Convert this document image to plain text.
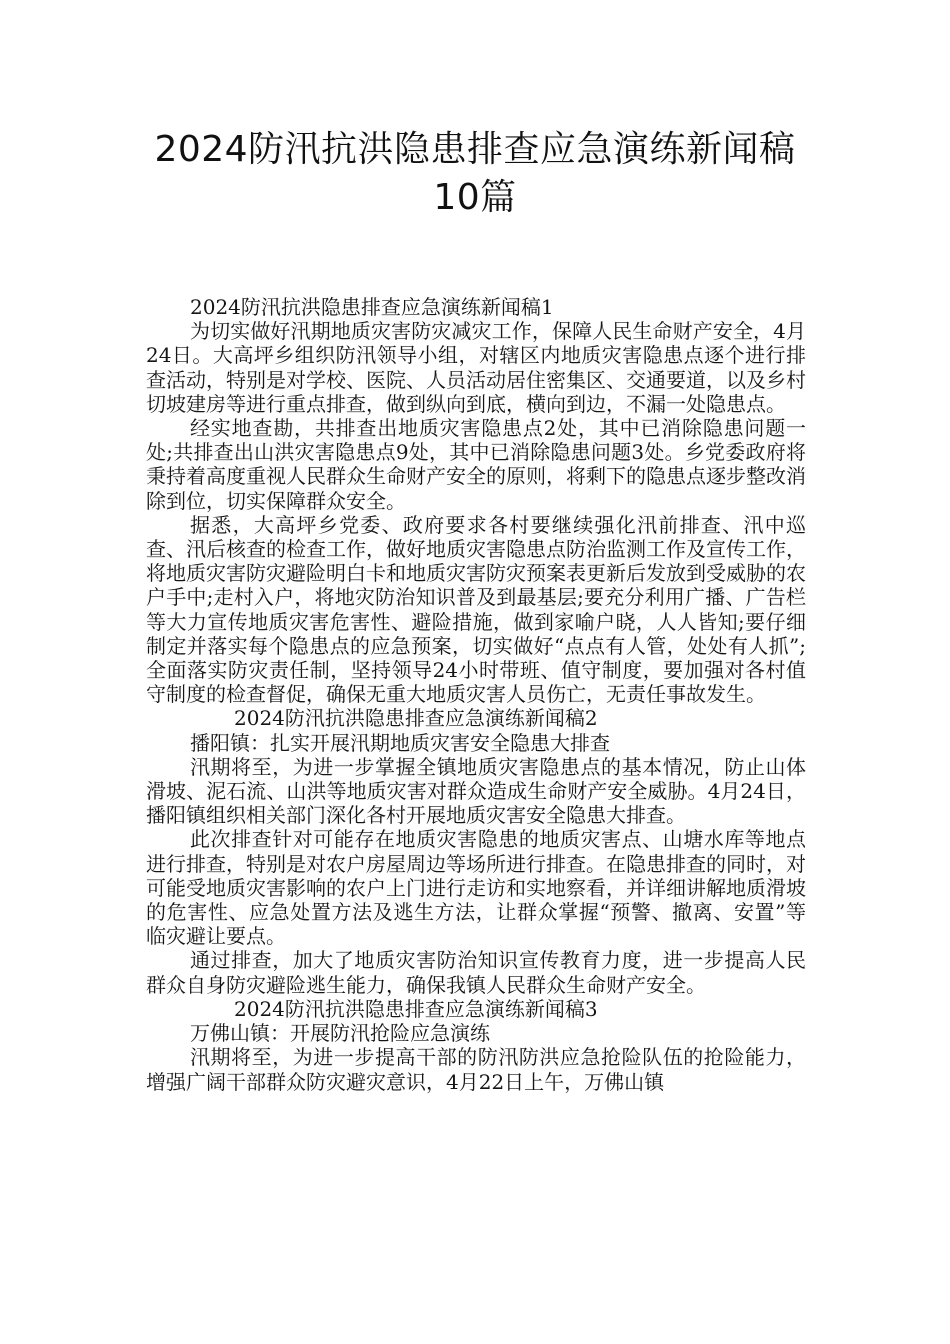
2024防汛抗洪隐患排查应急演练新闻稿
10篇

2024防汛抗洪隐患排查应急演练新闻稿1

为切实做好汛期地质灾害防灾减灾工作，保障人民生命财产安全，4月24日。大高坪乡组织防汛领导小组，对辖区内地质灾害隐患点逐个进行排查活动，特别是对学校、医院、人员活动居住密集区、交通要道，以及乡村切坡建房等进行重点排查，做到纵向到底，横向到边，不漏一处隐患点。

经实地查勘，共排查出地质灾害隐患点2处，其中已消除隐患问题一处;共排查出山洪灾害隐患点9处，其中已消除隐患问题3处。乡党委政府将秉持着高度重视人民群众生命财产安全的原则，将剩下的隐患点逐步整改消除到位，切实保障群众安全。

据悉，大高坪乡党委、政府要求各村要继续强化汛前排查、汛中巡查、汛后核查的检查工作，做好地质灾害隐患点防治监测工作及宣传工作，将地质灾害防灾避险明白卡和地质灾害防灾预案表更新后发放到受威胁的农户手中;走村入户，将地灾防治知识普及到最基层;要充分利用广播、广告栏等大力宣传地质灾害危害性、避险措施，做到家喻户晓，人人皆知;要仔细制定并落实每个隐患点的应急预案，切实做好“点点有人管，处处有人抓”;全面落实防灾责任制，坚持领导24小时带班、值守制度，要加强对各村值守制度的检查督促，确保无重大地质灾害人员伤亡，无责任事故发生。

2024防汛抗洪隐患排查应急演练新闻稿2

播阳镇：扎实开展汛期地质灾害安全隐患大排查

汛期将至，为进一步掌握全镇地质灾害隐患点的基本情况，防止山体滑坡、泥石流、山洪等地质灾害对群众造成生命财产安全威胁。4月24日，播阳镇组织相关部门深化各村开展地质灾害安全隐患大排查。

此次排查针对可能存在地质灾害隐患的地质灾害点、山塘水库等地点进行排查，特别是对农户房屋周边等场所进行排查。在隐患排查的同时，对可能受地质灾害影响的农户上门进行走访和实地察看，并详细讲解地质滑坡的危害性、应急处置方法及逃生方法，让群众掌握“预警、撤离、安置”等临灾避让要点。

通过排查，加大了地质灾害防治知识宣传教育力度，进一步提高人民群众自身防灾避险逃生能力，确保我镇人民群众生命财产安全。

2024防汛抗洪隐患排查应急演练新闻稿3

万佛山镇：开展防汛抢险应急演练

汛期将至，为进一步提高干部的防汛防洪应急抢险队伍的抢险能力，增强广阔干部群众防灾避灾意识，4月22日上午，万佛山镇
